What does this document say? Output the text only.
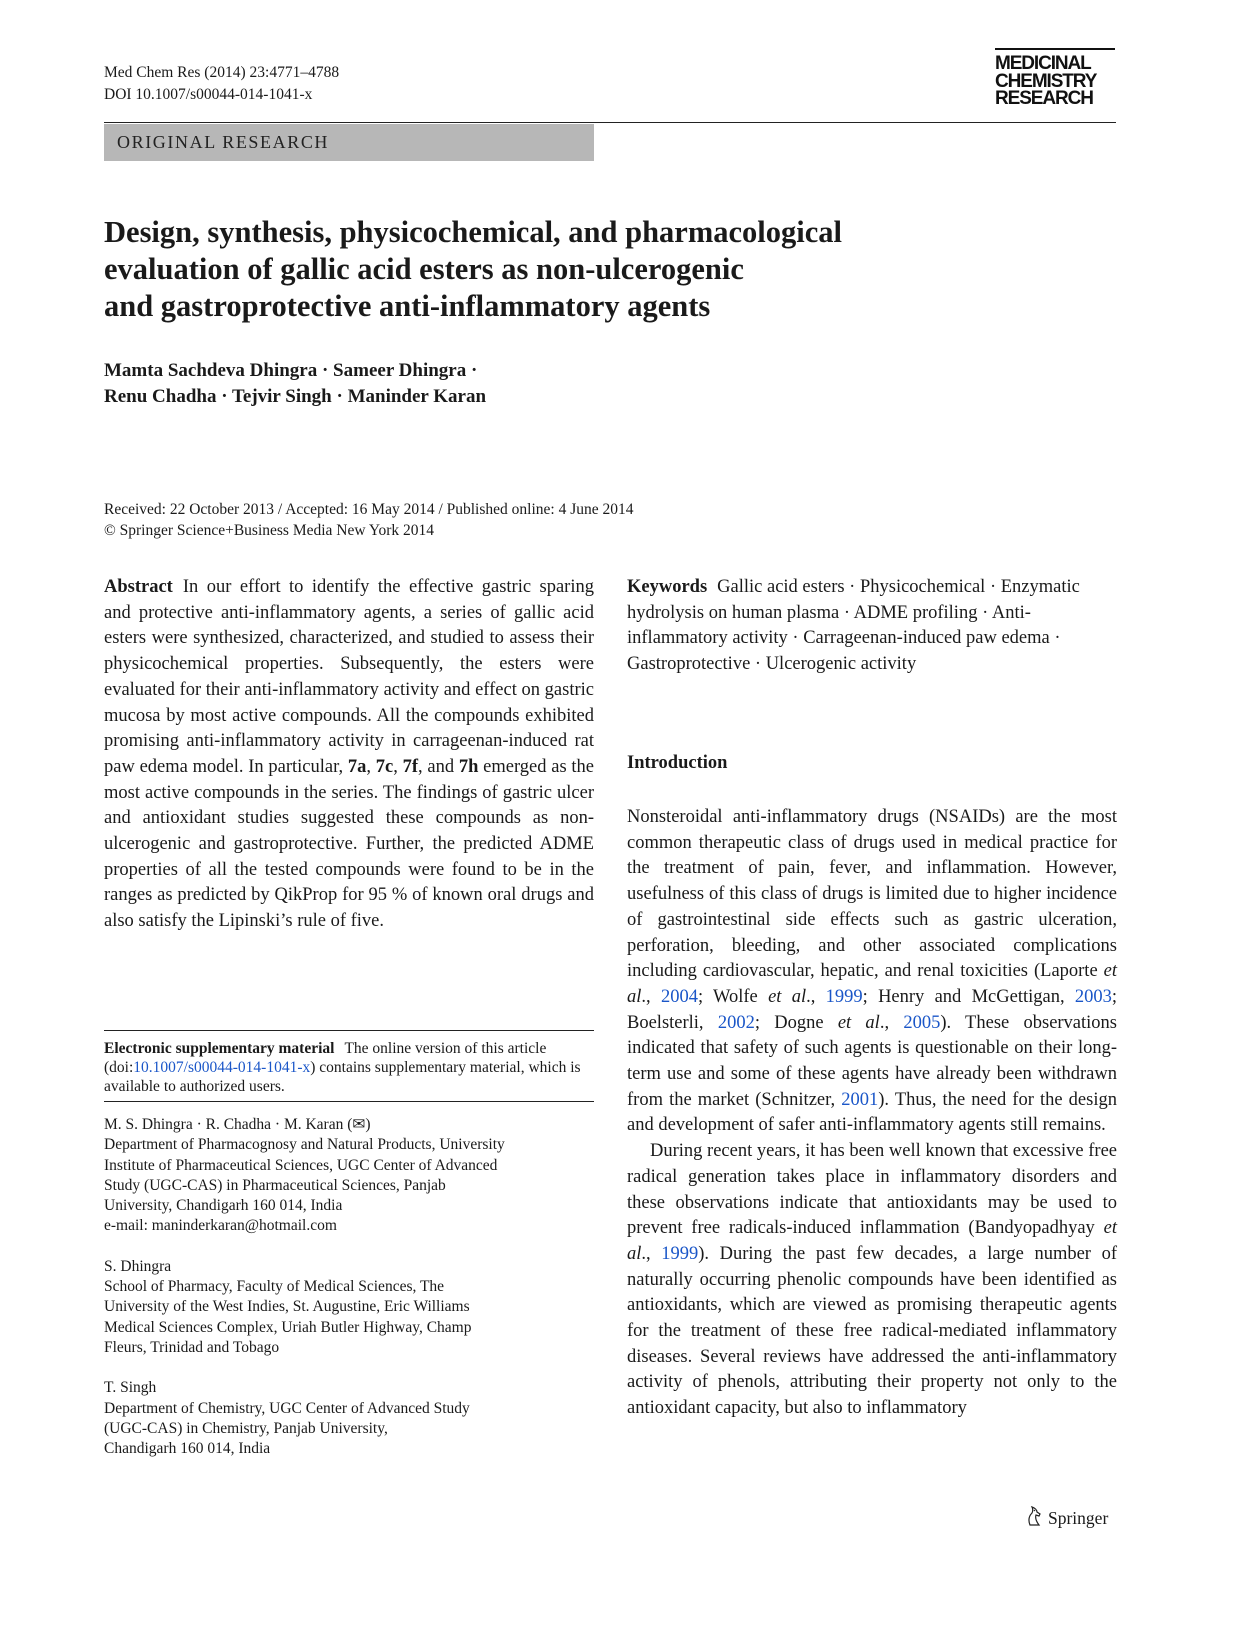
Med Chem Res (2014) 23:4771–4788
DOI 10.1007/s00044-014-1041-x
MEDICINAL
CHEMISTRY
RESEARCH
ORIGINAL RESEARCH
Design, synthesis, physicochemical, and pharmacological
evaluation of gallic acid esters as non-ulcerogenic
and gastroprotective anti-inflammatory agents
Mamta Sachdeva Dhingra · Sameer Dhingra ·
Renu Chadha · Tejvir Singh · Maninder Karan
Received: 22 October 2013 / Accepted: 16 May 2014 / Published online: 4 June 2014
© Springer Science+Business Media New York 2014

Abstract In our effort to identify the effective gastric sparing and protective anti-inflammatory agents, a series of gallic acid esters were synthesized, characterized, and studied to assess their physicochemical properties. Subsequently, the esters were evaluated for their anti-inflammatory activity and effect on gastric mucosa by most active compounds. All the compounds exhibited promising anti-inflammatory activity in carrageenan-induced rat paw edema model. In particular, 7a, 7c, 7f, and 7h emerged as the most active compounds in the series. The findings of gastric ulcer and antioxidant studies suggested these compounds as non-ulcerogenic and gastroprotective. Further, the predicted ADME properties of all the tested compounds were found to be in the ranges as predicted by QikProp for 95 % of known oral drugs and also satisfy the Lipinski’s rule of five.

Keywords Gallic acid esters · Physicochemical · Enzymatic hydrolysis on human plasma · ADME profiling · Anti-inflammatory activity · Carrageenan-induced paw edema · Gastroprotective · Ulcerogenic activity

Introduction

Nonsteroidal anti-inflammatory drugs (NSAIDs) are the most common therapeutic class of drugs used in medical practice for the treatment of pain, fever, and inflammation. However, usefulness of this class of drugs is limited due to higher incidence of gastrointestinal side effects such as gastric ulceration, perforation, bleeding, and other associated complications including cardiovascular, hepatic, and renal toxicities (Laporte et al., 2004; Wolfe et al., 1999; Henry and McGettigan, 2003; Boelsterli, 2002; Dogne et al., 2005). These observations indicated that safety of such agents is questionable on their long-term use and some of these agents have already been withdrawn from the market (Schnitzer, 2001). Thus, the need for the design and development of safer anti-inflammatory agents still remains.

During recent years, it has been well known that excessive free radical generation takes place in inflammatory disorders and these observations indicate that antioxidants may be used to prevent free radicals-induced inflammation (Bandyopadhyay et al., 1999). During the past few decades, a large number of naturally occurring phenolic compounds have been identified as antioxidants, which are viewed as promising therapeutic agents for the treatment of these free radical-mediated inflammatory diseases. Several reviews have addressed the anti-inflammatory activity of phenols, attributing their property not only to the antioxidant capacity, but also to inflammatory

Electronic supplementary material The online version of this article (doi:10.1007/s00044-014-1041-x) contains supplementary material, which is available to authorized users.
M. S. Dhingra · R. Chadha · M. Karan (✉)
Department of Pharmacognosy and Natural Products, University
Institute of Pharmaceutical Sciences, UGC Center of Advanced
Study (UGC-CAS) in Pharmaceutical Sciences, Panjab
University, Chandigarh 160 014, India
e-mail: maninderkaran@hotmail.com
S. Dhingra
School of Pharmacy, Faculty of Medical Sciences, The
University of the West Indies, St. Augustine, Eric Williams
Medical Sciences Complex, Uriah Butler Highway, Champ
Fleurs, Trinidad and Tobago
T. Singh
Department of Chemistry, UGC Center of Advanced Study
(UGC-CAS) in Chemistry, Panjab University,
Chandigarh 160 014, India
Springer
